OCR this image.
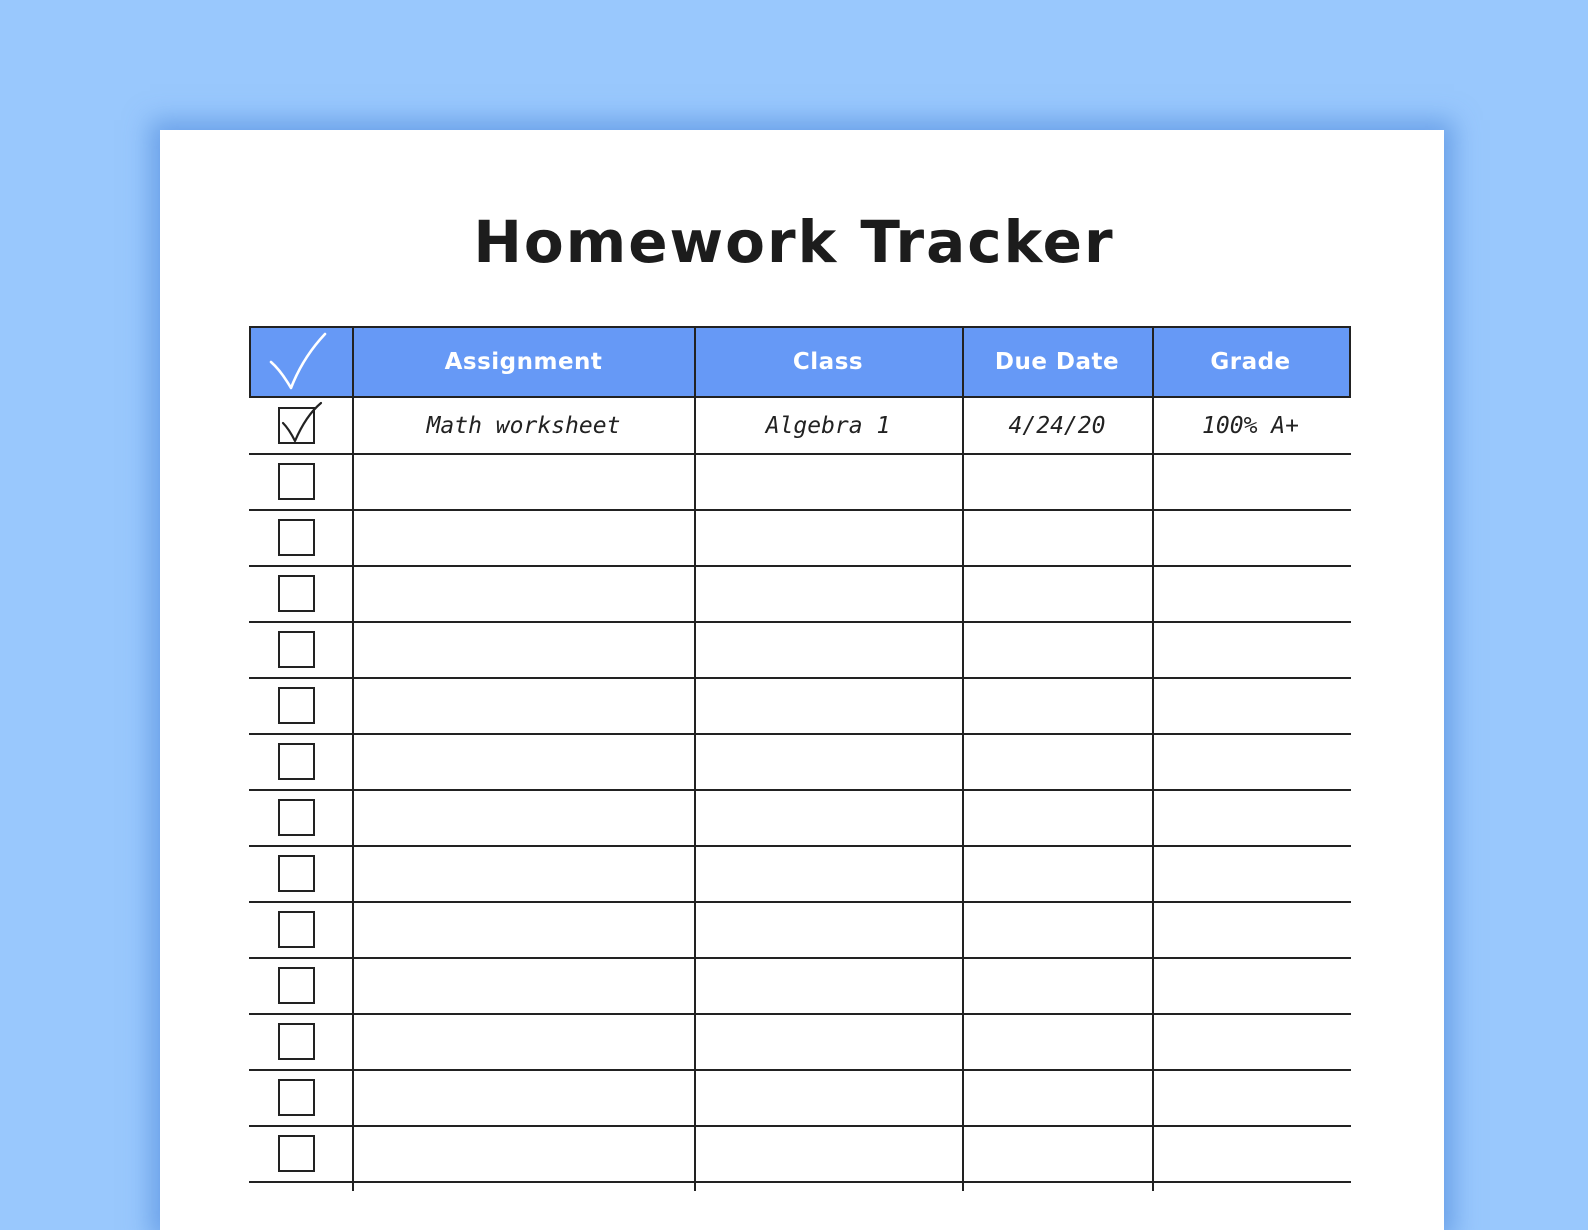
Homework Tracker
Assignment	Class	Due Date	Grade
Math worksheet	Algebra 1	4/24/20	100% A+
